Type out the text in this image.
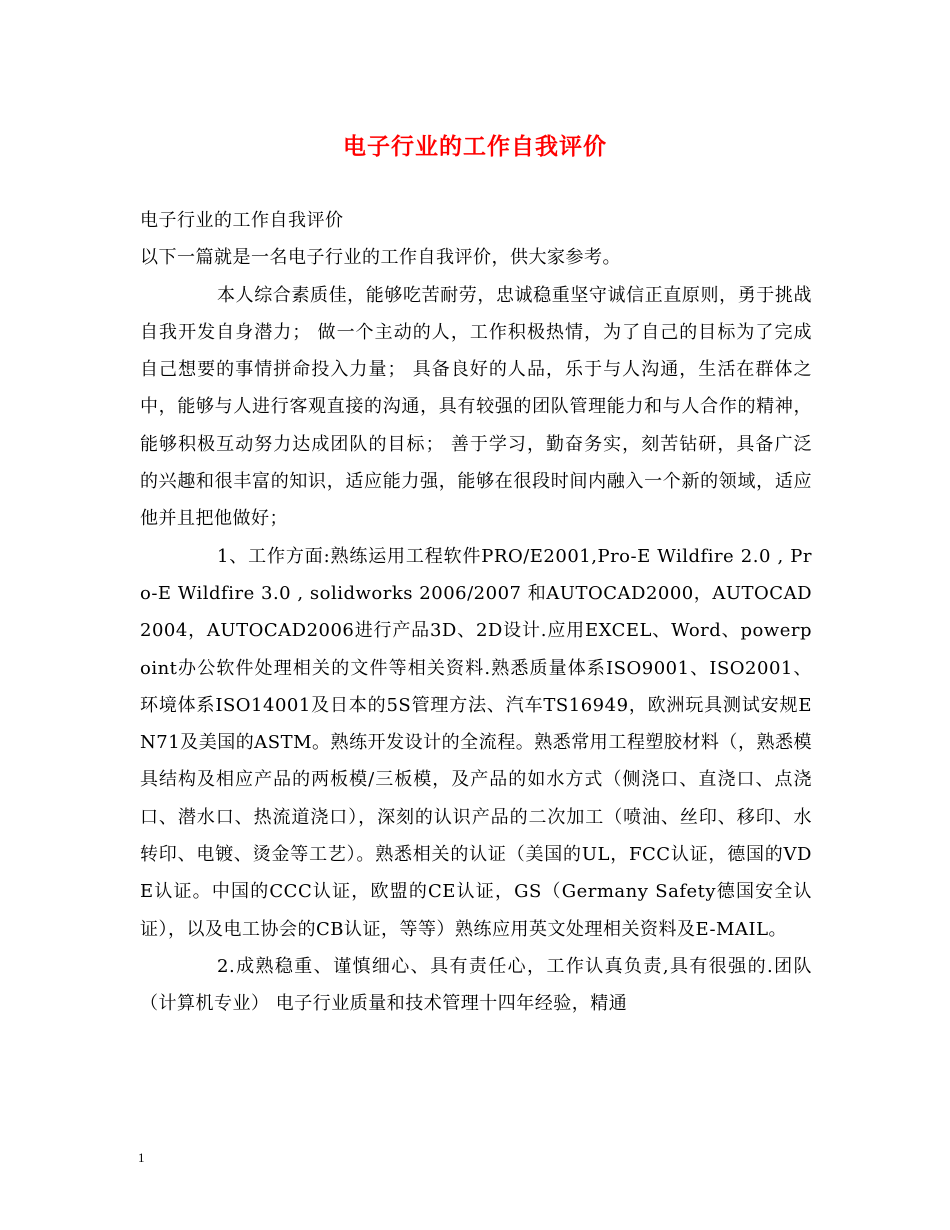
电子行业的工作自我评价

电子行业的工作自我评价

以下一篇就是一名电子行业的工作自我评价，供大家参考。

本人综合素质佳，能够吃苦耐劳，忠诚稳重坚守诚信正直原则，勇于挑战自我开发自身潜力； 做一个主动的人，工作积极热情，为了自己的目标为了完成自己想要的事情拼命投入力量； 具备良好的人品，乐于与人沟通，生活在群体之中，能够与人进行客观直接的沟通，具有较强的团队管理能力和与人合作的精神，能够积极互动努力达成团队的目标； 善于学习，勤奋务实，刻苦钻研，具备广泛的兴趣和很丰富的知识，适应能力强，能够在很段时间内融入一个新的领域，适应他并且把他做好；

1、工作方面:熟练运用工程软件PRO/E2001,Pro-E Wildfire 2.0 , Pro-E Wildfire 3.0 , solidworks 2006/2007 和AUTOCAD2000，AUTOCAD2004，AUTOCAD2006进行产品3D、2D设计.应用EXCEL、Word、powerpoint办公软件处理相关的文件等相关资料.熟悉质量体系ISO9001、ISO2001、环境体系ISO14001及日本的5S管理方法、汽车TS16949，欧洲玩具测试安规EN71及美国的ASTM。熟练开发设计的全流程。熟悉常用工程塑胶材料（，熟悉模具结构及相应产品的两板模/三板模，及产品的如水方式（侧浇口、直浇口、点浇口、潜水口、热流道浇口），深刻的认识产品的二次加工（喷油、丝印、移印、水转印、电镀、烫金等工艺）。熟悉相关的认证（美国的UL，FCC认证，德国的VDE认证。中国的CCC认证，欧盟的CE认证，GS（Germany Safety德国安全认证），以及电工协会的CB认证，等等）熟练应用英文处理相关资料及E-MAIL。

2.成熟稳重、谨慎细心、具有责任心，工作认真负责,具有很强的.团队 （计算机专业） 电子行业质量和技术管理十四年经验，精通

1
